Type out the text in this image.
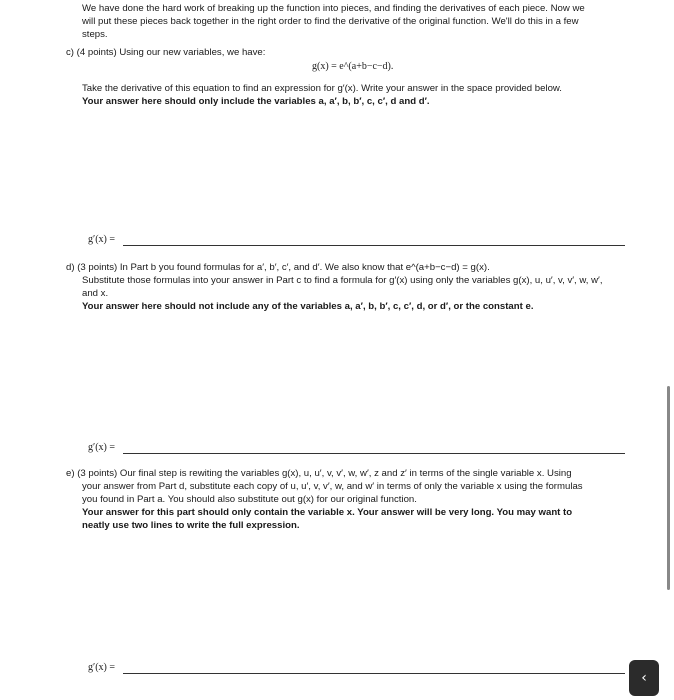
We have done the hard work of breaking up the function into pieces, and finding the derivatives of each piece. Now we
will put these pieces back together in the right order to find the derivative of the original function. We'll do this in a few
steps.
c) (4 points) Using our new variables, we have:
g(x) = e^(a+b−c−d).
Take the derivative of this equation to find an expression for g′(x). Write your answer in the space provided below.
Your answer here should only include the variables a, a′, b, b′, c, c′, d and d′.
g′(x) =
d) (3 points) In Part b you found formulas for a′, b′, c′, and d′. We also know that e^(a+b−c−d) = g(x).
Substitute those formulas into your answer in Part c to find a formula for g′(x) using only the variables g(x), u, u′, v, v′, w, w′,
and x.
Your answer here should not include any of the variables a, a′, b, b′, c, c′, d, or d′, or the constant e.
g′(x) =
e) (3 points) Our final step is rewiting the variables g(x), u, u′, v, v′, w, w′, z and z′ in terms of the single variable x. Using
your answer from Part d, substitute each copy of u, u′, v, v′, w, and w′ in terms of only the variable x using the formulas
you found in Part a. You should also substitute out g(x) for our original function.
Your answer for this part should only contain the variable x. Your answer will be very long. You may want to
neatly use two lines to write the full expression.
g′(x) =
‹
